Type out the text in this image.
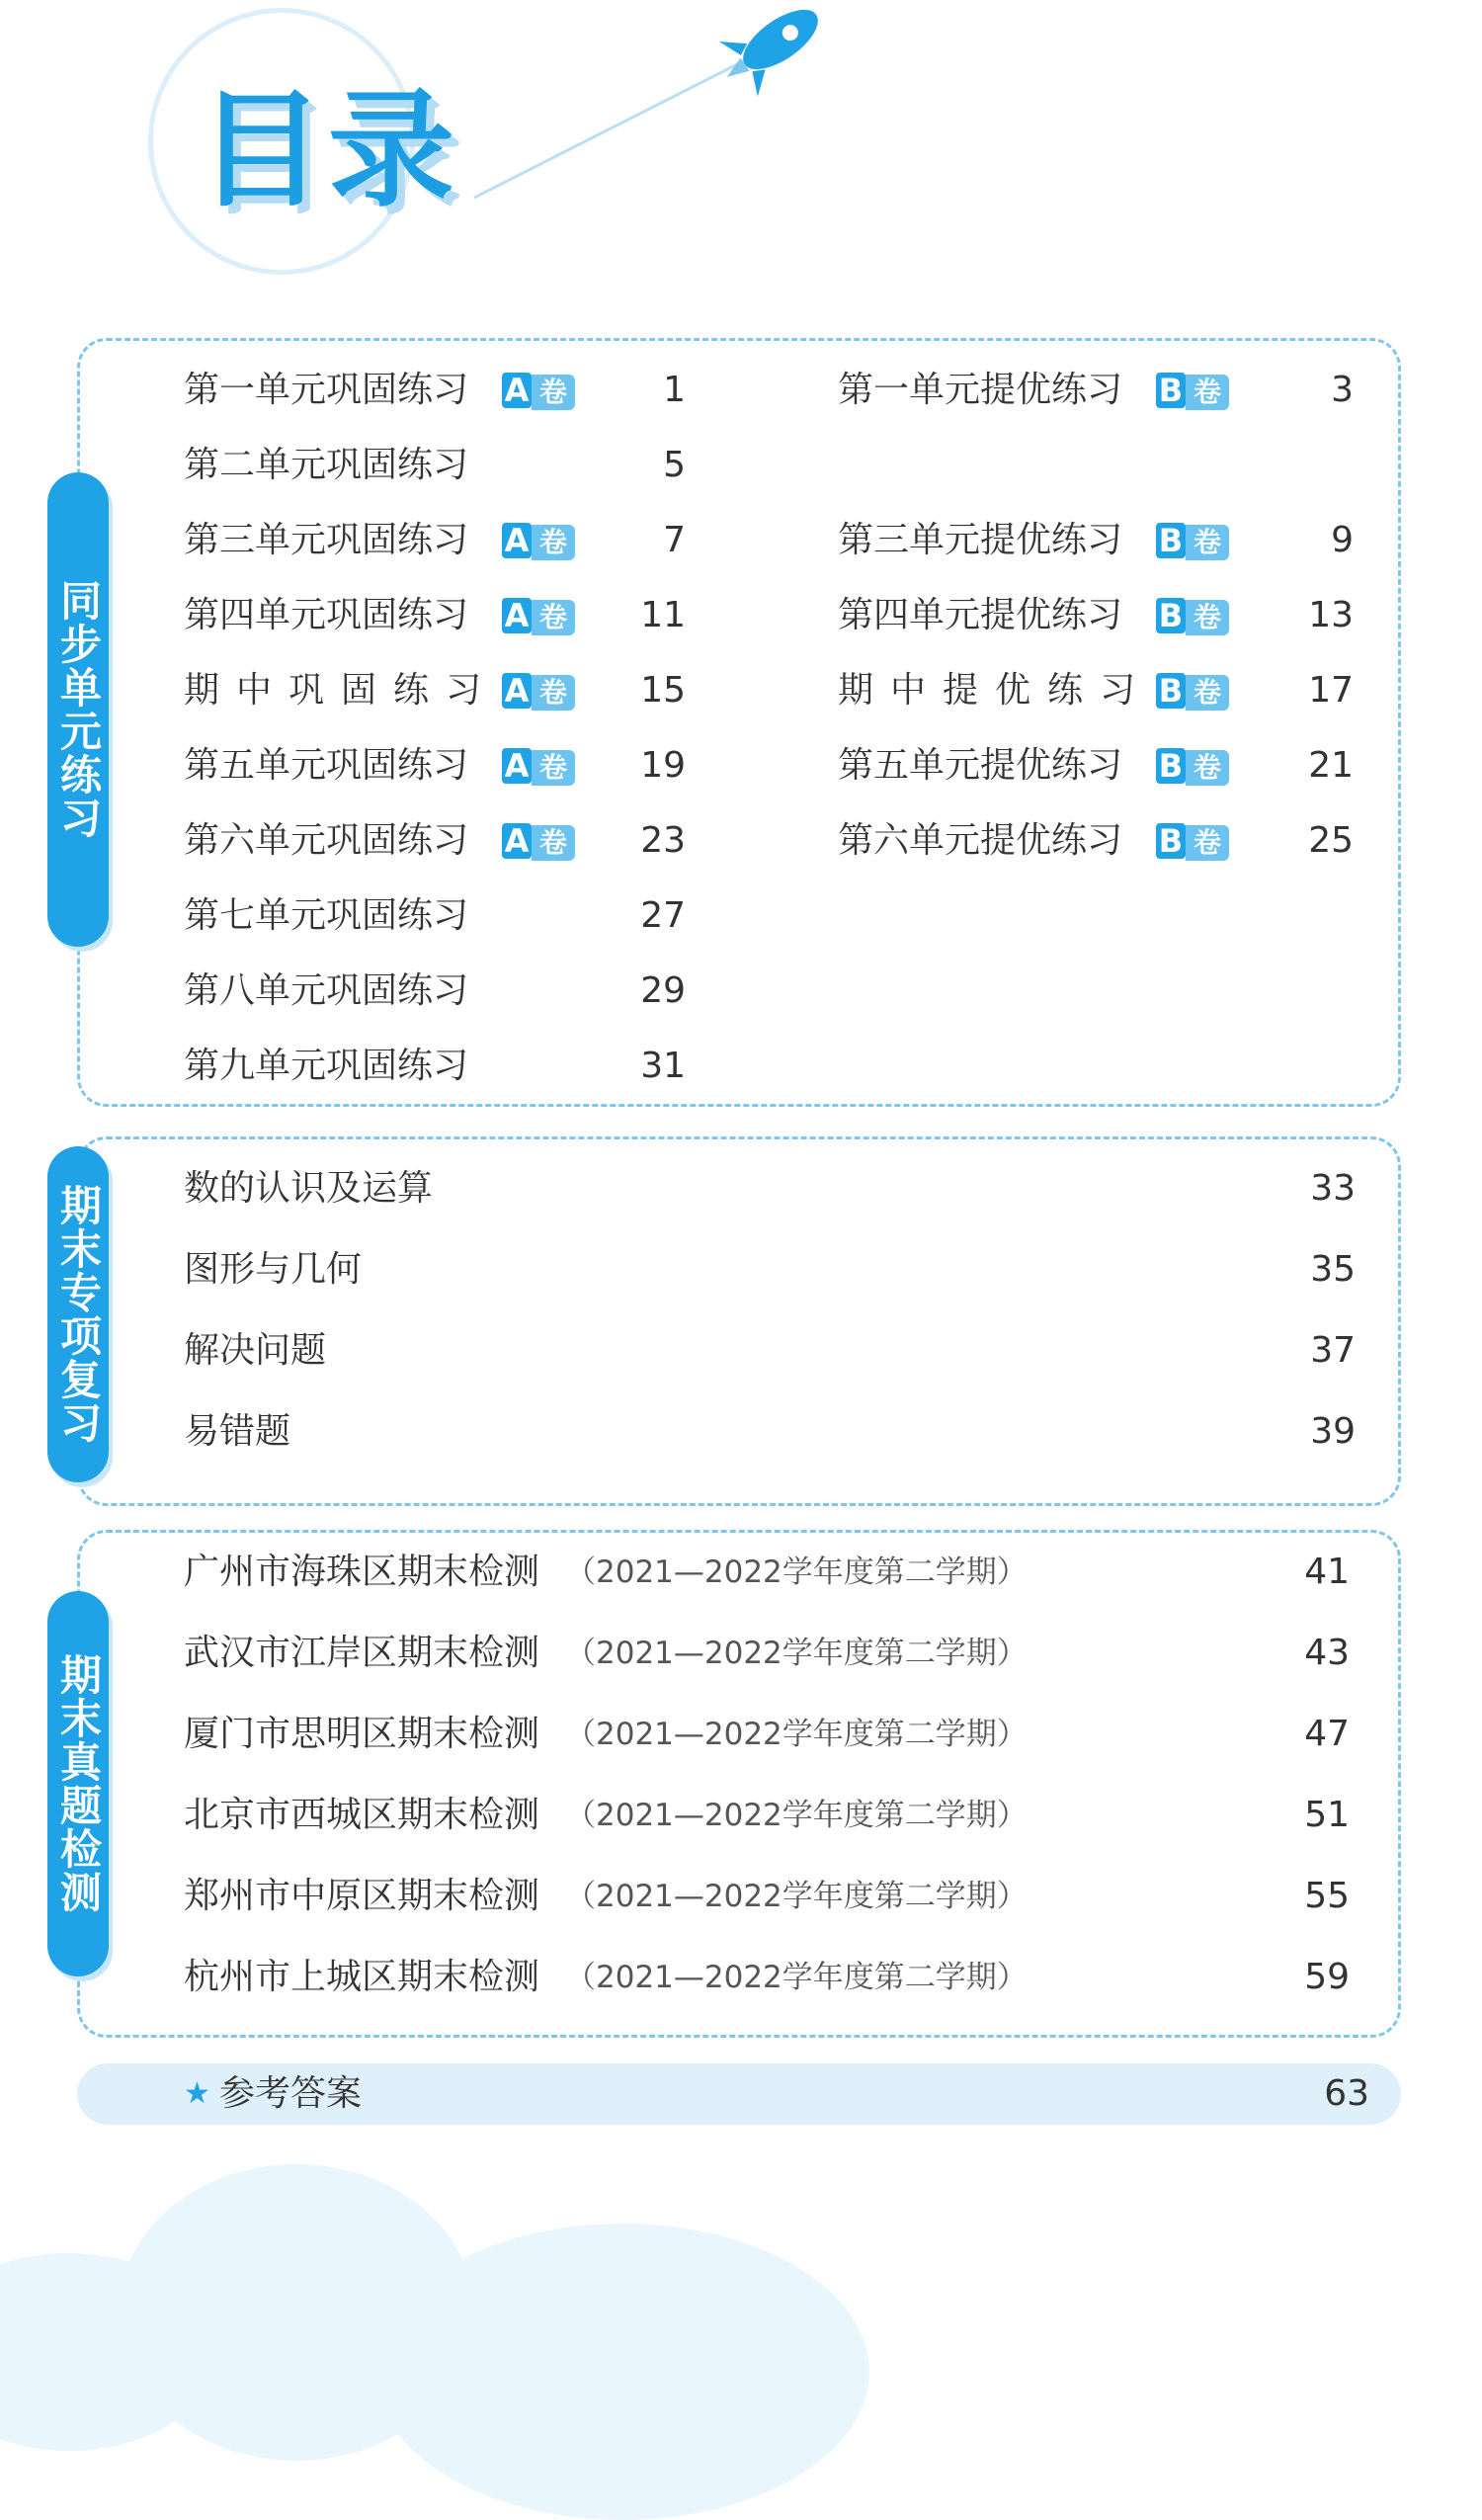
目录
同步单元练习
第一单元巩固练习 A 卷	1
第二单元巩固练习	5
第三单元巩固练习 A 卷	7
第四单元巩固练习 A 卷	11
期中巩固练习 A 卷	15
第五单元巩固练习 A 卷	19
第六单元巩固练习 A 卷	23
第七单元巩固练习	27
第八单元巩固练习	29
第九单元巩固练习	31
第一单元提优练习 B 卷	3
第三单元提优练习 B 卷	9
第四单元提优练习 B 卷	13
期中提优练习 B 卷	17
第五单元提优练习 B 卷	21
第六单元提优练习 B 卷	25
期末专项复习 数的认识及运算	33
图形与几何	35
解决问题	37
易错题	39
期末真题检测
广州市海珠区期末检测 （2021—2022学年度第二学期）	41
武汉市江岸区期末检测 （2021—2022学年度第二学期）	43
厦门市思明区期末检测 （2021—2022学年度第二学期）	47
北京市西城区期末检测 （2021—2022学年度第二学期）	51
郑州市中原区期末检测 （2021—2022学年度第二学期）	55
杭州市上城区期末检测 （2021—2022学年度第二学期）	59
★ 参考答案	63
